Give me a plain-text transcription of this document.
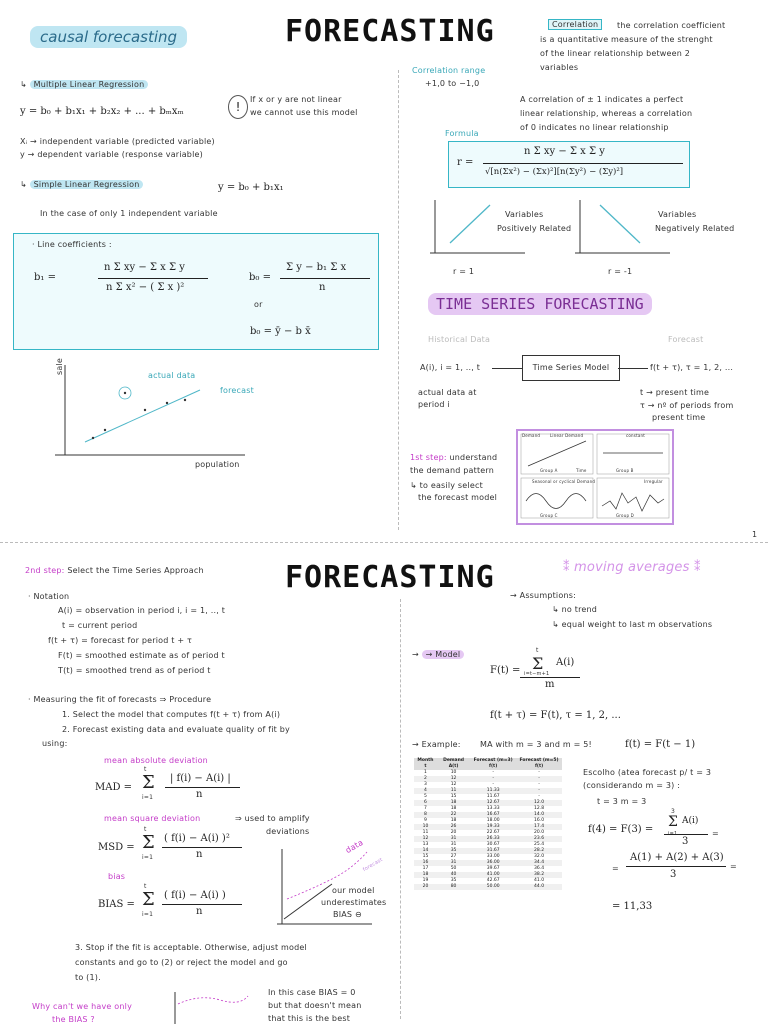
FORECASTING
causal forecasting
↳ Multiple Linear Regression
y = b₀ + b₁x₁ + b₂x₂ + ... + bₘxₘ	!
If x or y are not linear
we cannot use this model
Xᵢ → independent variable (predicted variable)
y → dependent variable (response variable)
↳ Simple Linear Regression	y = b₀ + b₁x₁
In the case of only 1 independent variable
· Line coefficients :
b₁ =
n Σ xy − Σ x Σ y
n Σ x² − ( Σ x )²
b₀ =
Σ y − b₁ Σ x
n
or
b₀ = ȳ − b x̄
sale
population
actual data
forecast
Correlation	the correlation coefficient
is a quantitative measure of the strenght
of the linear relationship between 2
variables
Correlation range
+1,0 to −1,0
A correlation of ± 1 indicates a perfect
linear relationship, whereas a correlation
of 0 indicates no linear relationship
Formula
r =
n Σ xy − Σ x Σ y
√[n(Σx²) − (Σx)²][n(Σy²) − (Σy)²]
Variables
Positively Related
Variables
Negatively Related
r = 1	r = -1
TIME SERIES FORECASTING
Historical Data	Forecast
A(i), i = 1, .., t	Time Series Model	f(t + τ), τ = 1, 2, ...
actual data at
period i
t → present time
τ → nº of periods from
present time
1st step: understand
the demand pattern
↳ to easily select
the forecast model
Demand Linear Demand	constant
Group A	Group B
Time
Seasonal or cyclical Demand	Irregular
Group C	Group D
1
FORECASTING
2nd step: Select the Time Series Approach
· Notation
A(i) = observation in period i, i = 1, .., t
t = current period
f(t + τ) = forecast for period t + τ
F(t) = smoothed estimate as of period t
T(t) = smoothed trend as of period t
· Measuring the fit of forecasts ⇒ Procedure
1. Select the model that computes f(t + τ) from A(i)
2. Forecast existing data and evaluate quality of fit by
using:
mean absolute deviation
MAD = Σ
t
i=1
| f(i) − A(i) |
n
mean square deviation	⇒ used to amplify
deviations
MSD = Σ
t
i=1
( f(i) − A(i) )²
n
bias
BIAS = Σ
t
i=1
( f(i) − A(i) )
n
data
forecast
our model
underestimates
BIAS ⊖
3. Stop if the fit is acceptable. Otherwise, adjust model
constants and go to (2) or reject the model and go
to (1).
Why can't we have only
the BIAS ?
In this case BIAS = 0
but that doesn't mean
that this is the best
⁑ moving averages ⁑
→ Assumptions:
↳ no trend
↳ equal weight to last m observations
→ → Model
F(t) = Σ
t
i=t−m+1
A(i)
m
f(t + τ) = F(t), τ = 1, 2, ...
→ Example: MA with m = 3 and m = 5!	f(t) = F(t − 1)
Month t	Demand A(t)	Forecast (m=3) f(t)	Forecast (m=5) f(t)
1	10	-	-
2	12	-	-
3	12	-	-
4	11	11.33	-
5	15	11.67	-
6	18	12.67	12.0
7	18	13.33	12.8
8	22	16.67	14.0
9	18	18.00	16.0
10	26	19.33	17.4
11	20	22.67	20.0
12	31	26.33	23.6
13	31	30.67	25.4
14	35	31.67	28.2
15	27	33.00	32.0
16	31	36.00	34.4
17	50	39.67	36.4
18	40	41.00	38.2
19	35	42.67	41.0
20	80	50.00	44.0
Escolho (atea forecast p/ t = 3
(considerando m = 3) :
t = 3 m = 3
f(4) = F(3) = Σ
3
i=1
A(i)
3
=
=
A(1) + A(2) + A(3)
3
=
= 11,33
